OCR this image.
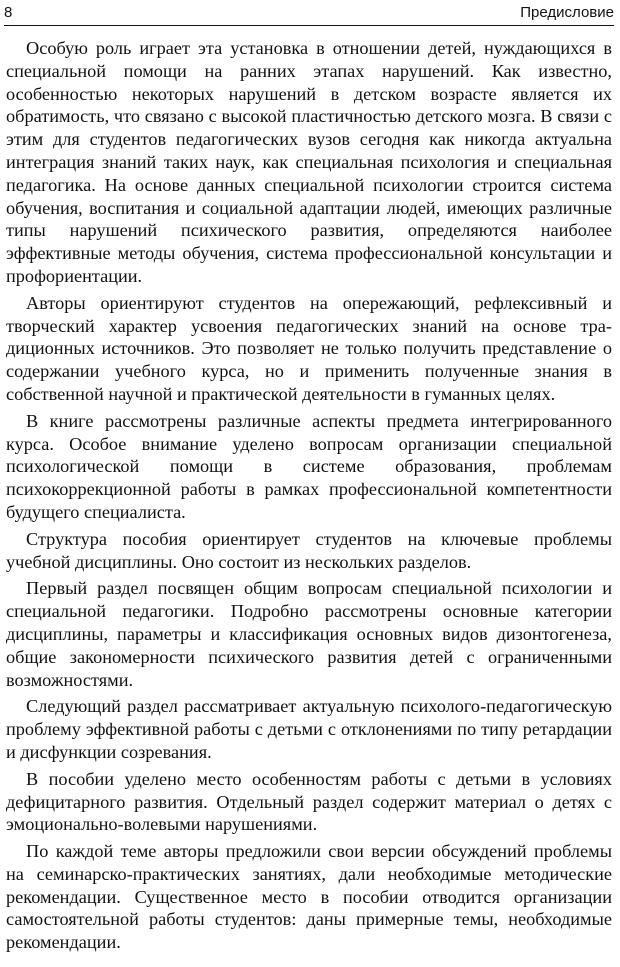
8	Предисловие

Особую роль играет эта установка в отношении детей, нуждающихся в специальной помощи на ранних этапах нарушений. Как известно, особенностью некоторых нарушений в детском возрасте является их обратимость, что связано с высокой пластичностью детского мозга. В связи с этим для студентов педагогических вузов сегодня как никогда актуальна интеграция знаний таких наук, как специальная психология и специальная педагогика. На основе данных специальной психологии строится система обучения, воспитания и социальной адаптации людей, имеющих различные типы нарушений психического развития, определяются наиболее эффективные методы обучения, система профессиональной консультации и профориентации.

Авторы ориентируют студентов на опережающий, рефлексивный и творческий характер усвоения педагогических знаний на основе традиционных источников. Это позволяет не только получить представление о содержании учебного курса, но и применить полученные знания в собственной научной и практической деятельности в гуманных целях.

В книге рассмотрены различные аспекты предмета интегрированного курса. Особое внимание уделено вопросам организации специальной психологической помощи в системе образования, проблемам психокоррекционной работы в рамках профессиональной компетентности будущего специалиста.

Структура пособия ориентирует студентов на ключевые проблемы учебной дисциплины. Оно состоит из нескольких разделов.

Первый раздел посвящен общим вопросам специальной психологии и специальной педагогики. Подробно рассмотрены основные категории дисциплины, параметры и классификация основных видов дизонтогенеза, общие закономерности психического развития детей с ограниченными возможностями.

Следующий раздел рассматривает актуальную психолого-педагогическую проблему эффективной работы с детьми с отклонениями по типу ретардации и дисфункции созревания.

В пособии уделено место особенностям работы с детьми в условиях дефицитарного развития. Отдельный раздел содержит материал о детях с эмоционально-волевыми нарушениями.

По каждой теме авторы предложили свои версии обсуждений проблемы на семинарско-практических занятиях, дали необходимые методические рекомендации. Существенное место в пособии отводится организации самостоятельной работы студентов: даны примерные темы, необходимые рекомендации.
